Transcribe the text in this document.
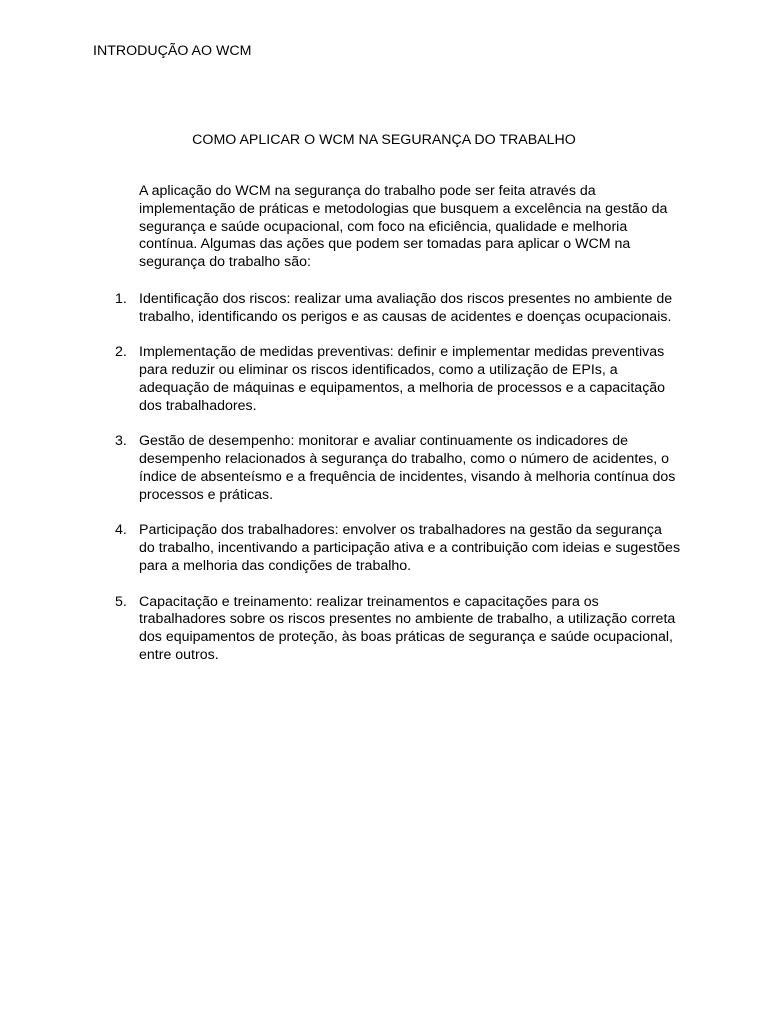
INTRODUÇÃO AO WCM
COMO APLICAR O WCM NA SEGURANÇA DO TRABALHO

A aplicação do WCM na segurança do trabalho pode ser feita através da implementação de práticas e metodologias que busquem a excelência na gestão da segurança e saúde ocupacional, com foco na eficiência, qualidade e melhoria contínua. Algumas das ações que podem ser tomadas para aplicar o WCM na segurança do trabalho são:

1. Identificação dos riscos: realizar uma avaliação dos riscos presentes no ambiente de trabalho, identificando os perigos e as causas de acidentes e doenças ocupacionais.
2. Implementação de medidas preventivas: definir e implementar medidas preventivas para reduzir ou eliminar os riscos identificados, como a utilização de EPIs, a adequação de máquinas e equipamentos, a melhoria de processos e a capacitação dos trabalhadores.
3. Gestão de desempenho: monitorar e avaliar continuamente os indicadores de desempenho relacionados à segurança do trabalho, como o número de acidentes, o índice de absenteísmo e a frequência de incidentes, visando à melhoria contínua dos processos e práticas.
4. Participação dos trabalhadores: envolver os trabalhadores na gestão da segurança do trabalho, incentivando a participação ativa e a contribuição com ideias e sugestões para a melhoria das condições de trabalho.
5. Capacitação e treinamento: realizar treinamentos e capacitações para os trabalhadores sobre os riscos presentes no ambiente de trabalho, a utilização correta dos equipamentos de proteção, às boas práticas de segurança e saúde ocupacional, entre outros.
